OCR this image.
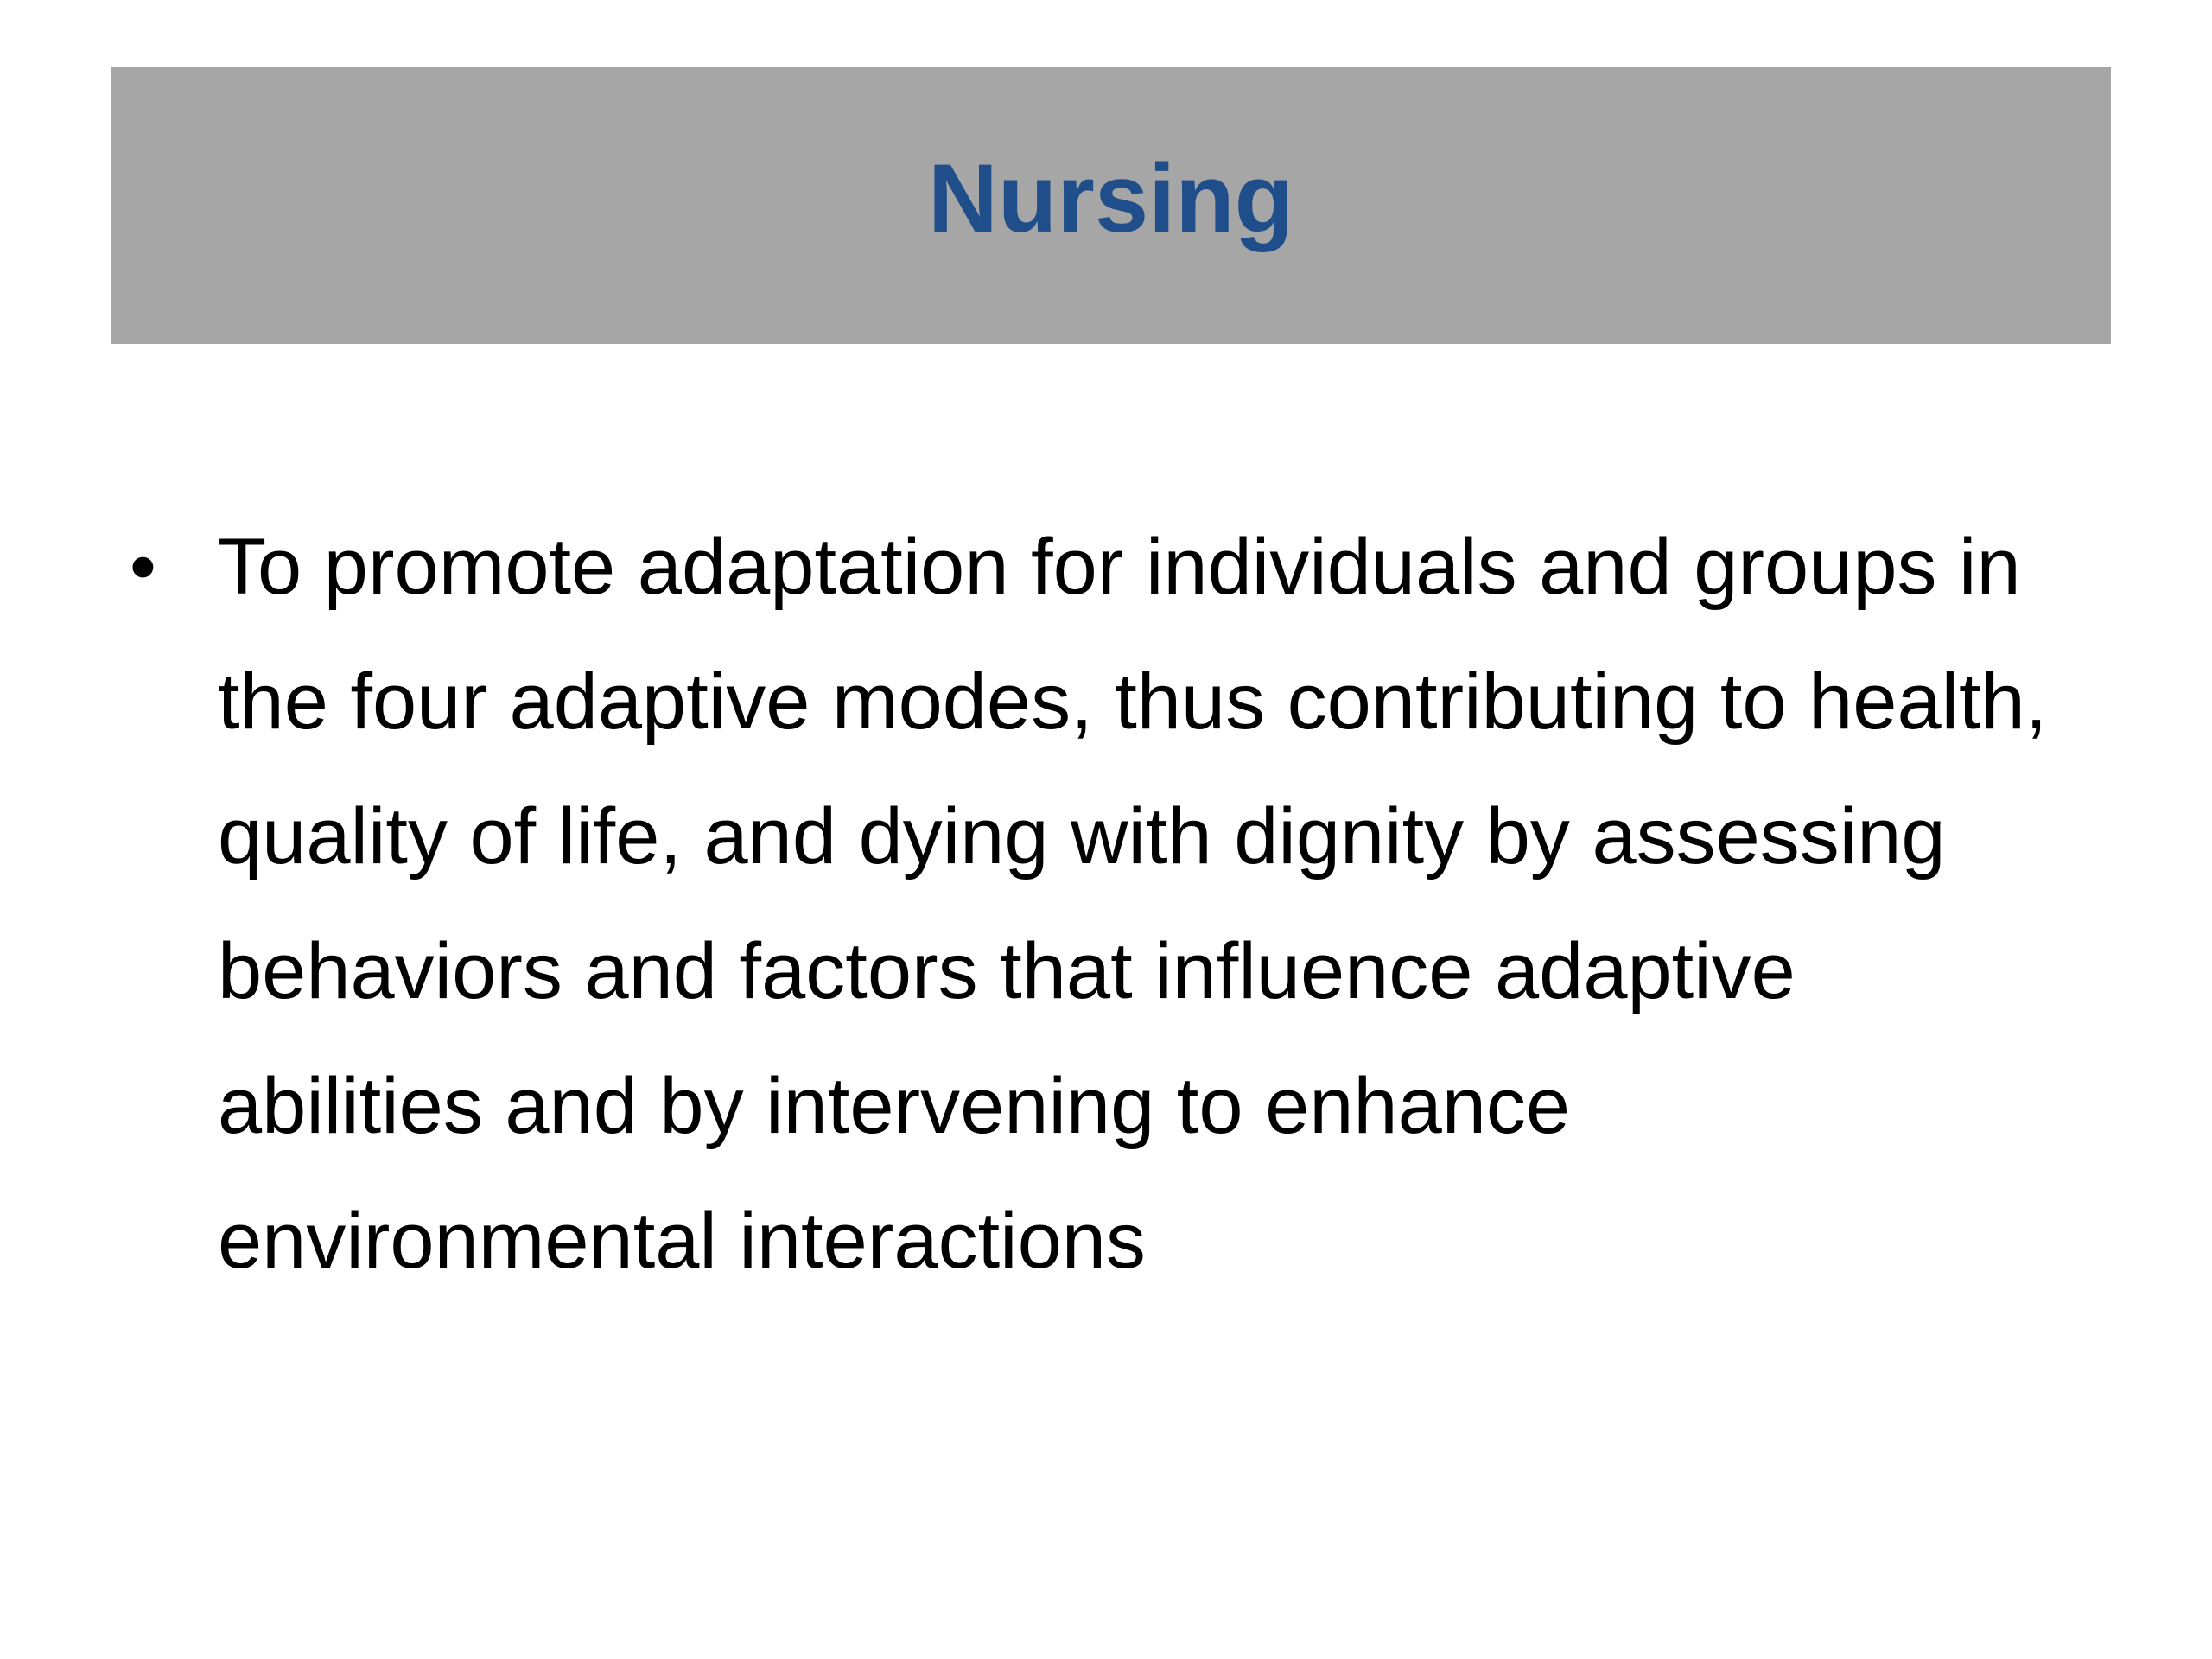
Nursing
• To promote adaptation for individuals and groups in the four adaptive modes, thus contributing to health, quality of life, and dying with dignity by assessing behaviors and factors that influence adaptive abilities and by intervening to enhance environmental interactions
